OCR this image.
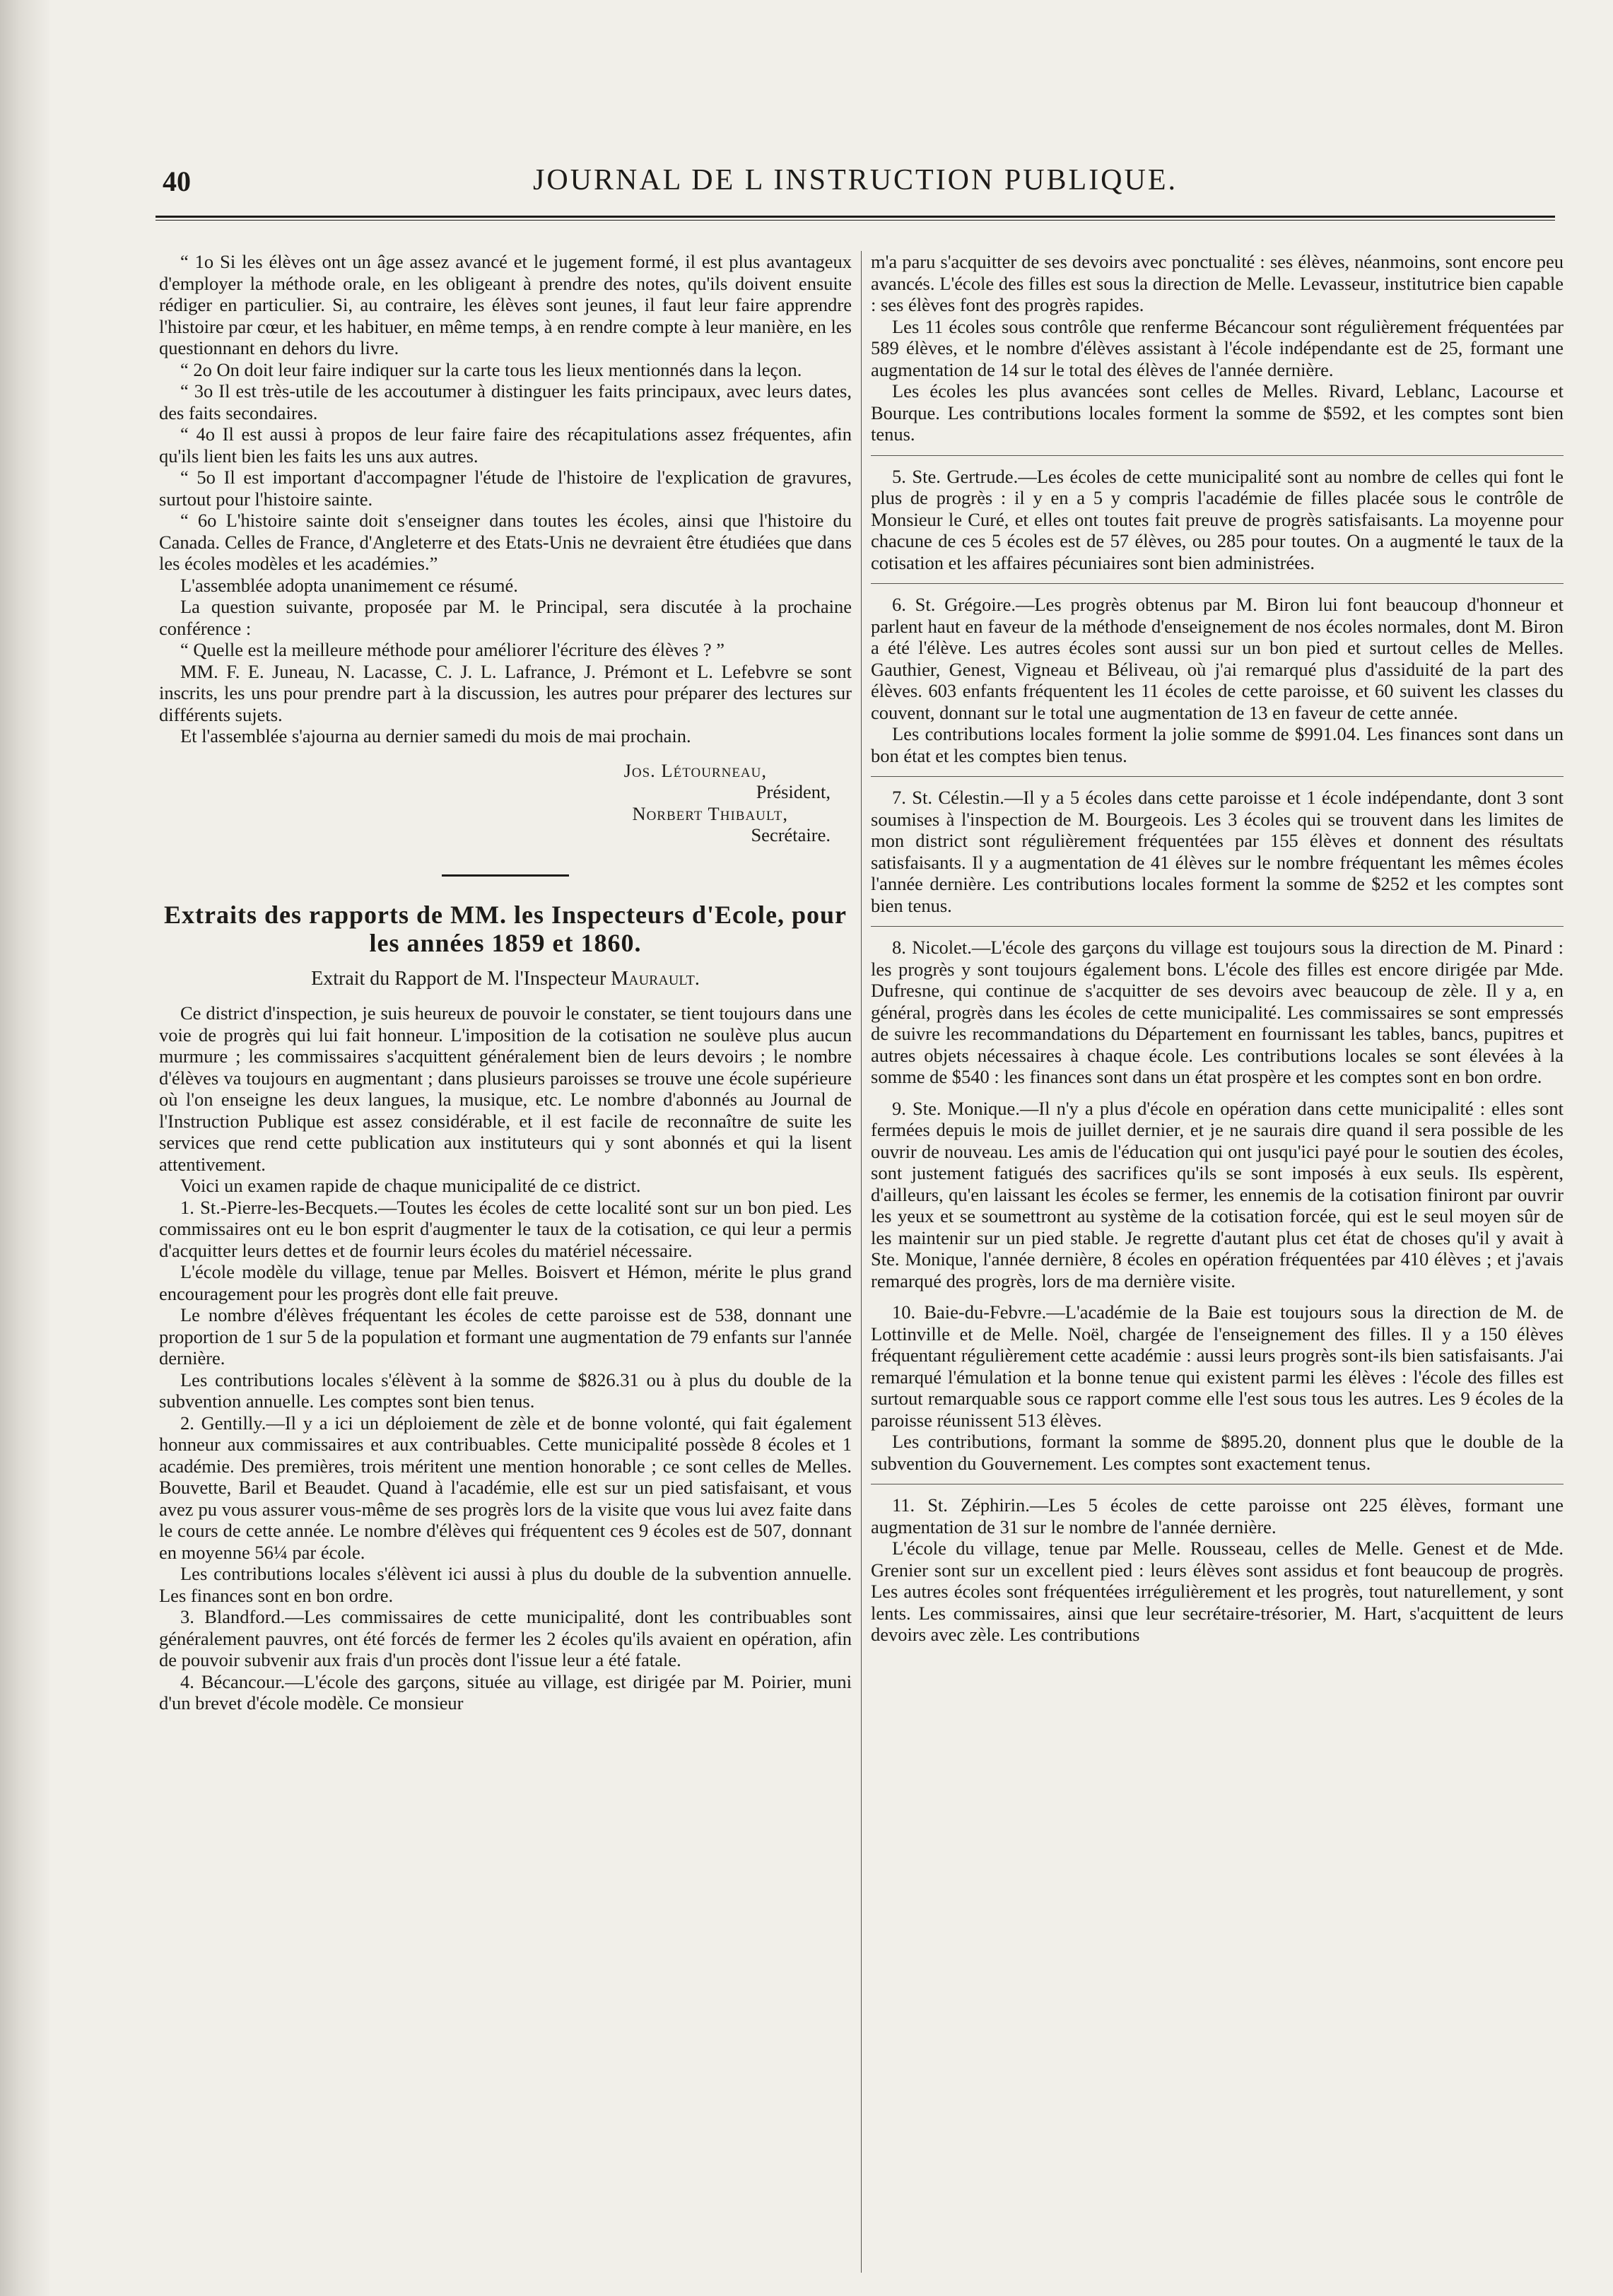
40	JOURNAL DE L INSTRUCTION PUBLIQUE.

“ 1o Si les élèves ont un âge assez avancé et le jugement formé, il est plus avantageux d'employer la méthode orale, en les obligeant à prendre des notes, qu'ils doivent ensuite rédiger en particulier. Si, au contraire, les élèves sont jeunes, il faut leur faire apprendre l'histoire par cœur, et les habituer, en même temps, à en rendre compte à leur manière, en les questionnant en dehors du livre.

“ 2o On doit leur faire indiquer sur la carte tous les lieux mentionnés dans la leçon.

“ 3o Il est très-utile de les accoutumer à distinguer les faits principaux, avec leurs dates, des faits secondaires.

“ 4o Il est aussi à propos de leur faire faire des récapitulations assez fréquentes, afin qu'ils lient bien les faits les uns aux autres.

“ 5o Il est important d'accompagner l'étude de l'histoire de l'explication de gravures, surtout pour l'histoire sainte.

“ 6o L'histoire sainte doit s'enseigner dans toutes les écoles, ainsi que l'histoire du Canada. Celles de France, d'Angleterre et des Etats-Unis ne devraient être étudiées que dans les écoles modèles et les académies.”

L'assemblée adopta unanimement ce résumé.

La question suivante, proposée par M. le Principal, sera discutée à la prochaine conférence :

“ Quelle est la meilleure méthode pour améliorer l'écriture des élèves ? ”

MM. F. E. Juneau, N. Lacasse, C. J. L. Lafrance, J. Prémont et L. Lefebvre se sont inscrits, les uns pour prendre part à la discussion, les autres pour préparer des lectures sur différents sujets.

Et l'assemblée s'ajourna au dernier samedi du mois de mai prochain.

Jos. Létourneau,
Président,
Norbert Thibault,
Secrétaire.
Extraits des rapports de MM. les Inspecteurs d'Ecole, pour les années 1859 et 1860.

Extrait du Rapport de M. l'Inspecteur Maurault.

Ce district d'inspection, je suis heureux de pouvoir le constater, se tient toujours dans une voie de progrès qui lui fait honneur. L'imposition de la cotisation ne soulève plus aucun murmure ; les commissaires s'acquittent généralement bien de leurs devoirs ; le nombre d'élèves va toujours en augmentant ; dans plusieurs paroisses se trouve une école supérieure où l'on enseigne les deux langues, la musique, etc. Le nombre d'abonnés au Journal de l'Instruction Publique est assez considérable, et il est facile de reconnaître de suite les services que rend cette publication aux instituteurs qui y sont abonnés et qui la lisent attentivement.

Voici un examen rapide de chaque municipalité de ce district.

1. St.-Pierre-les-Becquets.—Toutes les écoles de cette localité sont sur un bon pied. Les commissaires ont eu le bon esprit d'augmenter le taux de la cotisation, ce qui leur a permis d'acquitter leurs dettes et de fournir leurs écoles du matériel nécessaire.

L'école modèle du village, tenue par Melles. Boisvert et Hémon, mérite le plus grand encouragement pour les progrès dont elle fait preuve.

Le nombre d'élèves fréquentant les écoles de cette paroisse est de 538, donnant une proportion de 1 sur 5 de la population et formant une augmentation de 79 enfants sur l'année dernière.

Les contributions locales s'élèvent à la somme de $826.31 ou à plus du double de la subvention annuelle. Les comptes sont bien tenus.

2. Gentilly.—Il y a ici un déploiement de zèle et de bonne volonté, qui fait également honneur aux commissaires et aux contribuables. Cette municipalité possède 8 écoles et 1 académie. Des premières, trois méritent une mention honorable ; ce sont celles de Melles. Bouvette, Baril et Beaudet. Quand à l'académie, elle est sur un pied satisfaisant, et vous avez pu vous assurer vous-même de ses progrès lors de la visite que vous lui avez faite dans le cours de cette année. Le nombre d'élèves qui fréquentent ces 9 écoles est de 507, donnant en moyenne 56¼ par école.

Les contributions locales s'élèvent ici aussi à plus du double de la subvention annuelle. Les finances sont en bon ordre.

3. Blandford.—Les commissaires de cette municipalité, dont les contribuables sont généralement pauvres, ont été forcés de fermer les 2 écoles qu'ils avaient en opération, afin de pouvoir subvenir aux frais d'un procès dont l'issue leur a été fatale.

4. Bécancour.—L'école des garçons, située au village, est dirigée par M. Poirier, muni d'un brevet d'école modèle. Ce monsieur

m'a paru s'acquitter de ses devoirs avec ponctualité : ses élèves, néanmoins, sont encore peu avancés. L'école des filles est sous la direction de Melle. Levasseur, institutrice bien capable : ses élèves font des progrès rapides.

Les 11 écoles sous contrôle que renferme Bécancour sont régulièrement fréquentées par 589 élèves, et le nombre d'élèves assistant à l'école indépendante est de 25, formant une augmentation de 14 sur le total des élèves de l'année dernière.

Les écoles les plus avancées sont celles de Melles. Rivard, Leblanc, Lacourse et Bourque. Les contributions locales forment la somme de $592, et les comptes sont bien tenus.

5. Ste. Gertrude.—Les écoles de cette municipalité sont au nombre de celles qui font le plus de progrès : il y en a 5 y compris l'académie de filles placée sous le contrôle de Monsieur le Curé, et elles ont toutes fait preuve de progrès satisfaisants. La moyenne pour chacune de ces 5 écoles est de 57 élèves, ou 285 pour toutes. On a augmenté le taux de la cotisation et les affaires pécuniaires sont bien administrées.

6. St. Grégoire.—Les progrès obtenus par M. Biron lui font beaucoup d'honneur et parlent haut en faveur de la méthode d'enseignement de nos écoles normales, dont M. Biron a été l'élève. Les autres écoles sont aussi sur un bon pied et surtout celles de Melles. Gauthier, Genest, Vigneau et Béliveau, où j'ai remarqué plus d'assiduité de la part des élèves. 603 enfants fréquentent les 11 écoles de cette paroisse, et 60 suivent les classes du couvent, donnant sur le total une augmentation de 13 en faveur de cette année.

Les contributions locales forment la jolie somme de $991.04. Les finances sont dans un bon état et les comptes bien tenus.

7. St. Célestin.—Il y a 5 écoles dans cette paroisse et 1 école indépendante, dont 3 sont soumises à l'inspection de M. Bourgeois. Les 3 écoles qui se trouvent dans les limites de mon district sont régulièrement fréquentées par 155 élèves et donnent des résultats satisfaisants. Il y a augmentation de 41 élèves sur le nombre fréquentant les mêmes écoles l'année dernière. Les contributions locales forment la somme de $252 et les comptes sont bien tenus.

8. Nicolet.—L'école des garçons du village est toujours sous la direction de M. Pinard : les progrès y sont toujours également bons. L'école des filles est encore dirigée par Mde. Dufresne, qui continue de s'acquitter de ses devoirs avec beaucoup de zèle. Il y a, en général, progrès dans les écoles de cette municipalité. Les commissaires se sont empressés de suivre les recommandations du Département en fournissant les tables, bancs, pupitres et autres objets nécessaires à chaque école. Les contributions locales se sont élevées à la somme de $540 : les finances sont dans un état prospère et les comptes sont en bon ordre.

9. Ste. Monique.—Il n'y a plus d'école en opération dans cette municipalité : elles sont fermées depuis le mois de juillet dernier, et je ne saurais dire quand il sera possible de les ouvrir de nouveau. Les amis de l'éducation qui ont jusqu'ici payé pour le soutien des écoles, sont justement fatigués des sacrifices qu'ils se sont imposés à eux seuls. Ils espèrent, d'ailleurs, qu'en laissant les écoles se fermer, les ennemis de la cotisation finiront par ouvrir les yeux et se soumettront au système de la cotisation forcée, qui est le seul moyen sûr de les maintenir sur un pied stable. Je regrette d'autant plus cet état de choses qu'il y avait à Ste. Monique, l'année dernière, 8 écoles en opération fréquentées par 410 élèves ; et j'avais remarqué des progrès, lors de ma dernière visite.

10. Baie-du-Febvre.—L'académie de la Baie est toujours sous la direction de M. de Lottinville et de Melle. Noël, chargée de l'enseignement des filles. Il y a 150 élèves fréquentant régulièrement cette académie : aussi leurs progrès sont-ils bien satisfaisants. J'ai remarqué l'émulation et la bonne tenue qui existent parmi les élèves : l'école des filles est surtout remarquable sous ce rapport comme elle l'est sous tous les autres. Les 9 écoles de la paroisse réunissent 513 élèves.

Les contributions, formant la somme de $895.20, donnent plus que le double de la subvention du Gouvernement. Les comptes sont exactement tenus.

11. St. Zéphirin.—Les 5 écoles de cette paroisse ont 225 élèves, formant une augmentation de 31 sur le nombre de l'année dernière.

L'école du village, tenue par Melle. Rousseau, celles de Melle. Genest et de Mde. Grenier sont sur un excellent pied : leurs élèves sont assidus et font beaucoup de progrès. Les autres écoles sont fréquentées irrégulièrement et les progrès, tout naturellement, y sont lents. Les commissaires, ainsi que leur secrétaire-trésorier, M. Hart, s'acquittent de leurs devoirs avec zèle. Les contributions
